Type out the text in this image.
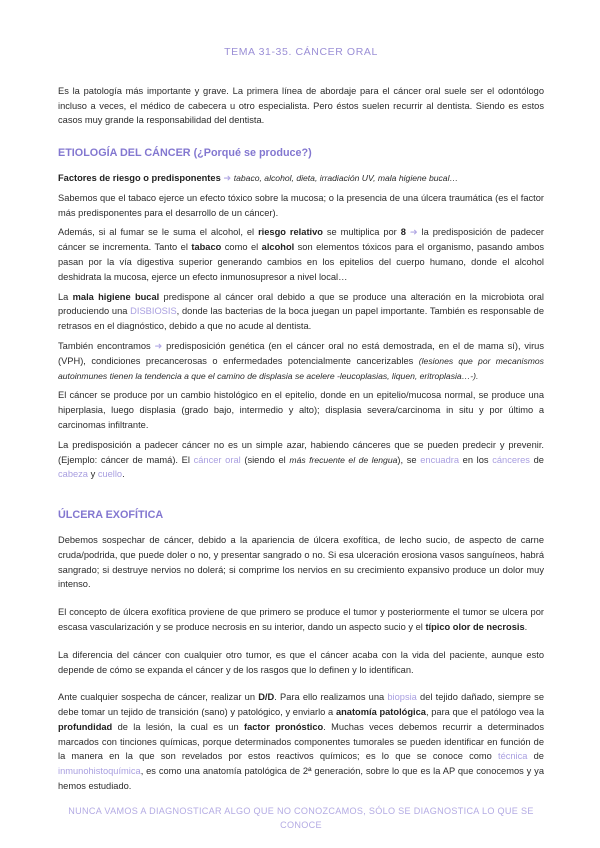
TEMA 31-35. CÁNCER ORAL

Es la patología más importante y grave. La primera línea de abordaje para el cáncer oral suele ser el odontólogo incluso a veces, el médico de cabecera u otro especialista. Pero éstos suelen recurrir al dentista. Siendo es estos casos muy grande la responsabilidad del dentista.

ETIOLOGÍA DEL CÁNCER (¿Porqué se produce?)

Factores de riesgo o predisponentes ➜ tabaco, alcohol, dieta, irradiación UV, mala higiene bucal…

Sabemos que el tabaco ejerce un efecto tóxico sobre la mucosa; o la presencia de una úlcera traumática (es el factor más predisponentes para el desarrollo de un cáncer).

Además, si al fumar se le suma el alcohol, el riesgo relativo se multiplica por 8 ➜ la predisposición de padecer cáncer se incrementa. Tanto el tabaco como el alcohol son elementos tóxicos para el organismo, pasando ambos pasan por la vía digestiva superior generando cambios en los epitelios del cuerpo humano, donde el alcohol deshidrata la mucosa, ejerce un efecto inmunosupresor a nivel local…

La mala higiene bucal predispone al cáncer oral debido a que se produce una alteración en la microbiota oral produciendo una DISBIOSIS, donde las bacterias de la boca juegan un papel importante. También es responsable de retrasos en el diagnóstico, debido a que no acude al dentista.

También encontramos ➜ predisposición genética (en el cáncer oral no está demostrada, en el de mama sí), virus (VPH), condiciones precancerosas o enfermedades potencialmente cancerizables (lesiones que por mecanismos autoinmunes tienen la tendencia a que el camino de displasia se acelere -leucoplasias, liquen, eritroplasia…-).

El cáncer se produce por un cambio histológico en el epitelio, donde en un epitelio/mucosa normal, se produce una hiperplasia, luego displasia (grado bajo, intermedio y alto); displasia severa/carcinoma in situ y por último a carcinomas infiltrante.

La predisposición a padecer cáncer no es un simple azar, habiendo cánceres que se pueden predecir y prevenir. (Ejemplo: cáncer de mamá). El cáncer oral (siendo el más frecuente el de lengua), se encuadra en los cánceres de cabeza y cuello.

ÚLCERA EXOFÍTICA

Debemos sospechar de cáncer, debido a la apariencia de úlcera exofítica, de lecho sucio, de aspecto de carne cruda/podrida, que puede doler o no, y presentar sangrado o no. Si esa ulceración erosiona vasos sanguíneos, habrá sangrado; si destruye nervios no dolerá; si comprime los nervios en su crecimiento expansivo produce un dolor muy intenso.

El concepto de úlcera exofítica proviene de que primero se produce el tumor y posteriormente el tumor se ulcera por escasa vascularización y se produce necrosis en su interior, dando un aspecto sucio y el típico olor de necrosis.

La diferencia del cáncer con cualquier otro tumor, es que el cáncer acaba con la vida del paciente, aunque esto depende de cómo se expanda el cáncer y de los rasgos que lo definen y lo identifican.

Ante cualquier sospecha de cáncer, realizar un D/D. Para ello realizamos una biopsia del tejido dañado, siempre se debe tomar un tejido de transición (sano) y patológico, y enviarlo a anatomía patológica, para que el patólogo vea la profundidad de la lesión, la cual es un factor pronóstico. Muchas veces debemos recurrir a determinados marcados con tinciones químicas, porque determinados componentes tumorales se pueden identificar en función de la manera en la que son revelados por estos reactivos químicos; es lo que se conoce como técnica de inmunohistoquímica, es como una anatomía patológica de 2ª generación, sobre lo que es la AP que conocemos y ya hemos estudiado.

NUNCA VAMOS A DIAGNOSTICAR ALGO QUE NO CONOZCAMOS, SÓLO SE DIAGNOSTICA LO QUE SE CONOCE
